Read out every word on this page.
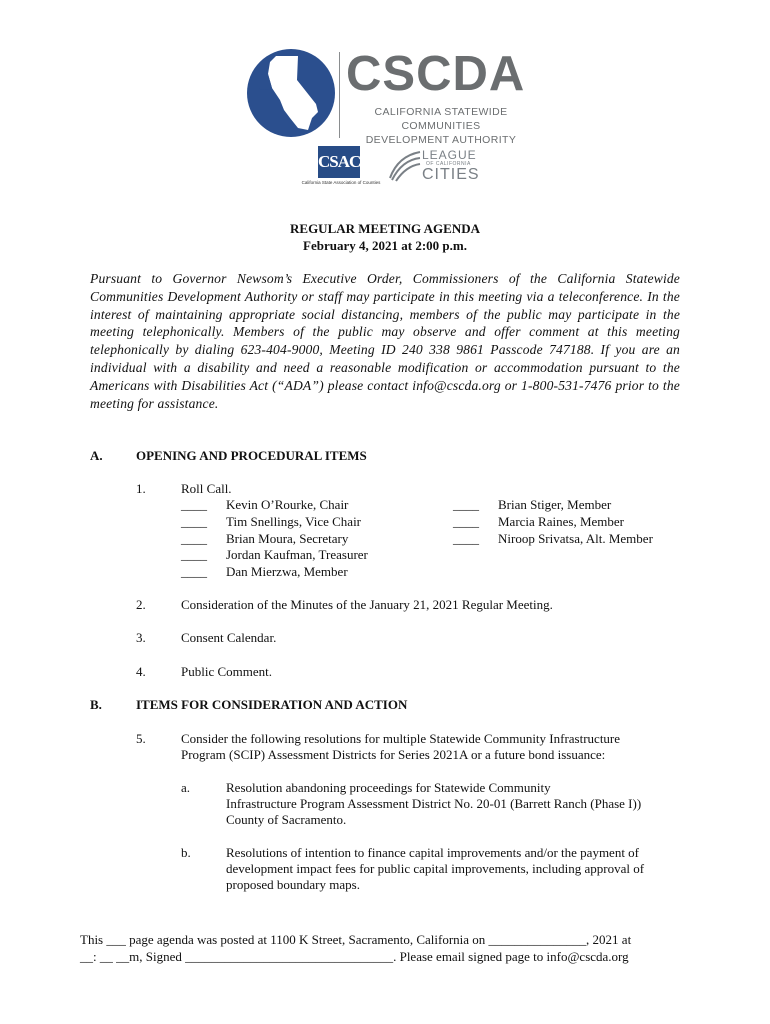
CSCDA
CALIFORNIA STATEWIDE COMMUNITIES
DEVELOPMENT AUTHORITY
CSAC
California State Association of Counties
LEAGUE
OF CALIFORNIA
CITIES
REGULAR MEETING AGENDA
February 4, 2021 at 2:00 p.m.
Pursuant to Governor Newsom’s Executive Order, Commissioners of the California Statewide Communities Development Authority or staff may participate in this meeting via a teleconference. In the interest of maintaining appropriate social distancing, members of the public may participate in the meeting telephonically. Members of the public may observe and offer comment at this meeting telephonically by dialing 623-404-9000, Meeting ID 240 338 9861 Passcode 747188. If you are an individual with a disability and need a reasonable modification or accommodation pursuant to the Americans with Disabilities Act (“ADA”) please contact info@cscda.org or 1-800-531-7476 prior to the meeting for assistance.
A.	OPENING AND PROCEDURAL ITEMS
1.	Roll Call.
____ Kevin O’Rourke, Chair
____ Tim Snellings, Vice Chair
____ Brian Moura, Secretary
____ Jordan Kaufman, Treasurer
____ Dan Mierzwa, Member
____ Brian Stiger, Member
____ Marcia Raines, Member
____ Niroop Srivatsa, Alt. Member
2.	Consideration of the Minutes of the January 21, 2021 Regular Meeting.
3.	Consent Calendar.
4.	Public Comment.
B.	ITEMS FOR CONSIDERATION AND ACTION
5.	Consider the following resolutions for multiple Statewide Community Infrastructure
Program (SCIP) Assessment Districts for Series 2021A or a future bond issuance:
a.	Resolution abandoning proceedings for Statewide Community
Infrastructure Program Assessment District No. 20-01 (Barrett Ranch (Phase I))
County of Sacramento.
b.	Resolutions of intention to finance capital improvements and/or the payment of
development impact fees for public capital improvements, including approval of
proposed boundary maps.
This ___ page agenda was posted at 1100 K Street, Sacramento, California on _______________, 2021 at
__: __ __m, Signed ________________________________. Please email signed page to info@cscda.org
